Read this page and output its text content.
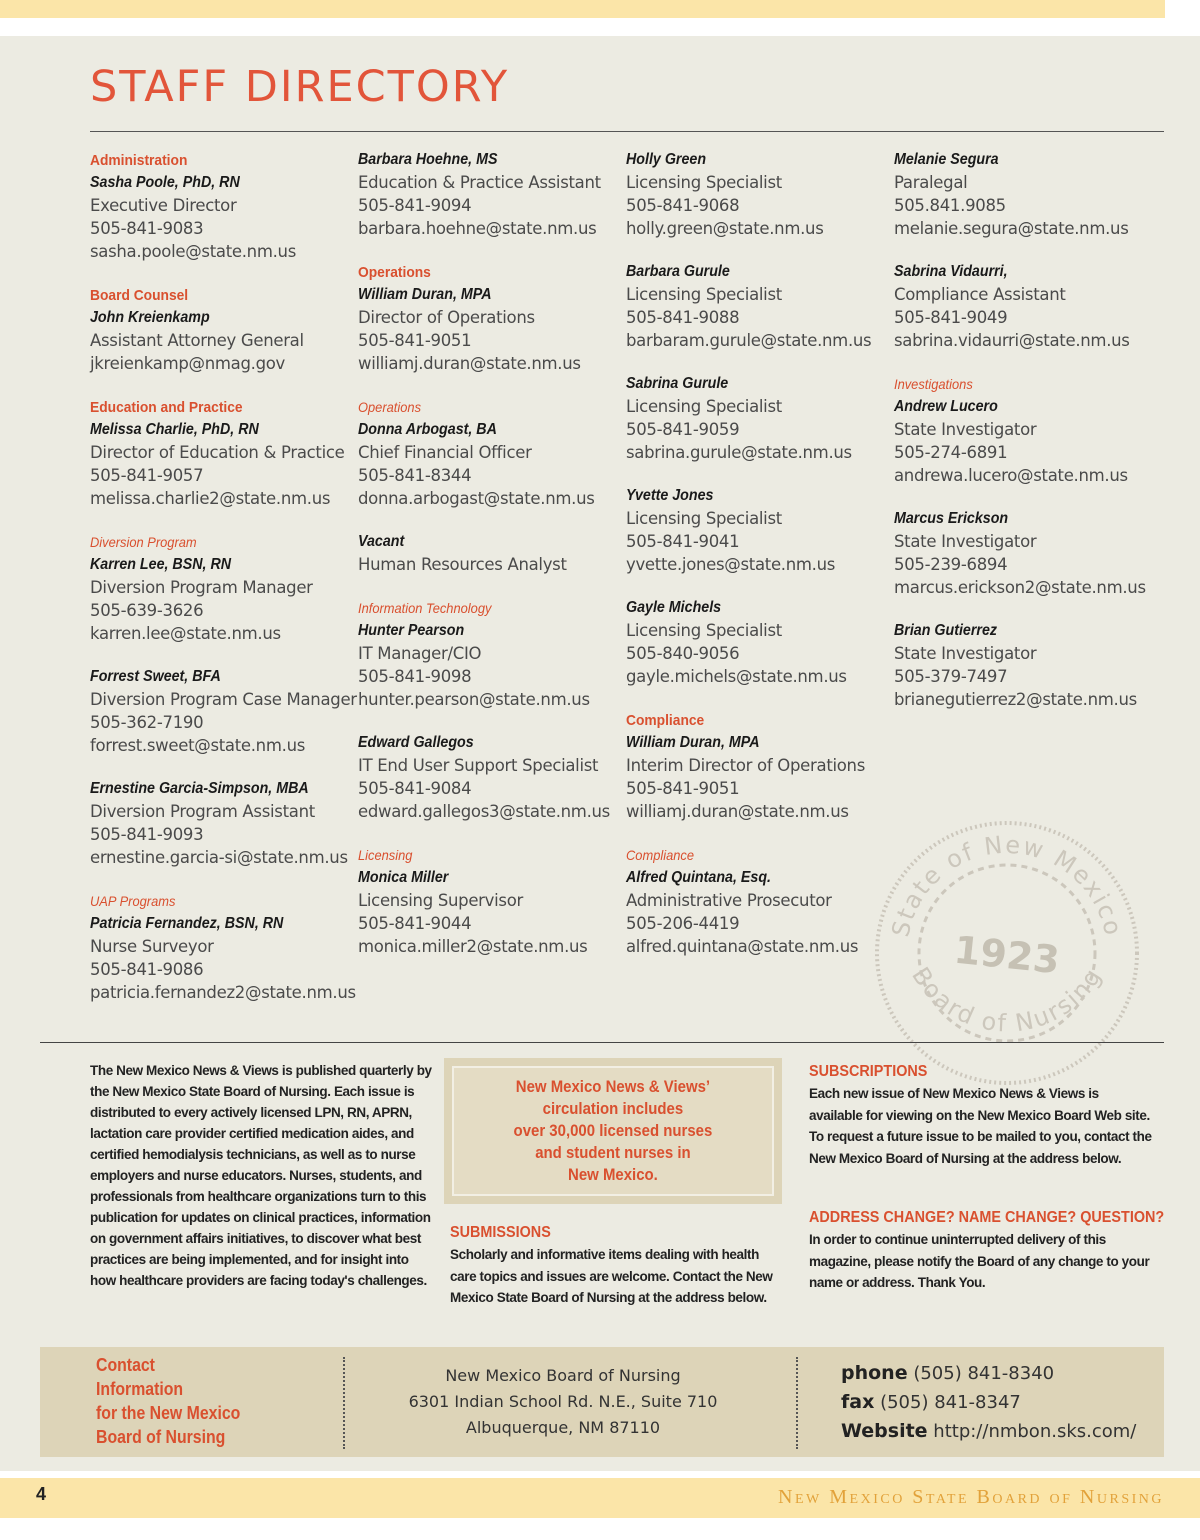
STAFF DIRECTORY
Administration
Sasha Poole, PhD, RN
Executive Director
505-841-9083
sasha.poole@state.nm.us
Board Counsel
John Kreienkamp
Assistant Attorney General
jkreienkamp@nmag.gov
Education and Practice
Melissa Charlie, PhD, RN
Director of Education & Practice
505-841-9057
melissa.charlie2@state.nm.us
Diversion Program
Karren Lee, BSN, RN
Diversion Program Manager
505-639-3626
karren.lee@state.nm.us
Forrest Sweet, BFA
Diversion Program Case Manager
505-362-7190
forrest.sweet@state.nm.us
Ernestine Garcia-Simpson, MBA
Diversion Program Assistant
505-841-9093
ernestine.garcia-si@state.nm.us
UAP Programs
Patricia Fernandez, BSN, RN
Nurse Surveyor
505-841-9086
patricia.fernandez2@state.nm.us
Barbara Hoehne, MS
Education & Practice Assistant
505-841-9094
barbara.hoehne@state.nm.us
Operations
William Duran, MPA
Director of Operations
505-841-9051
williamj.duran@state.nm.us
Operations
Donna Arbogast, BA
Chief Financial Officer
505-841-8344
donna.arbogast@state.nm.us
Vacant
Human Resources Analyst
Information Technology
Hunter Pearson
IT Manager/CIO
505-841-9098
hunter.pearson@state.nm.us
Edward Gallegos
IT End User Support Specialist
505-841-9084
edward.gallegos3@state.nm.us
Licensing
Monica Miller
Licensing Supervisor
505-841-9044
monica.miller2@state.nm.us
Holly Green
Licensing Specialist
505-841-9068
holly.green@state.nm.us
Barbara Gurule
Licensing Specialist
505-841-9088
barbaram.gurule@state.nm.us
Sabrina Gurule
Licensing Specialist
505-841-9059
sabrina.gurule@state.nm.us
Yvette Jones
Licensing Specialist
505-841-9041
yvette.jones@state.nm.us
Gayle Michels
Licensing Specialist
505-840-9056
gayle.michels@state.nm.us
Compliance
William Duran, MPA
Interim Director of Operations
505-841-9051
williamj.duran@state.nm.us
Compliance
Alfred Quintana, Esq.
Administrative Prosecutor
505-206-4419
alfred.quintana@state.nm.us
Melanie Segura
Paralegal
505.841.9085
melanie.segura@state.nm.us
Sabrina Vidaurri,
Compliance Assistant
505-841-9049
sabrina.vidaurri@state.nm.us
Investigations
Andrew Lucero
State Investigator
505-274-6891
andrewa.lucero@state.nm.us
Marcus Erickson
State Investigator
505-239-6894
marcus.erickson2@state.nm.us
Brian Gutierrez
State Investigator
505-379-7497
brianegutierrez2@state.nm.us
State of New Mexico
Board of Nursing
1923

The New Mexico News & Views is published quarterly by the New Mexico State Board of Nursing. Each issue is distributed to every actively licensed LPN, RN, APRN, lactation care provider certified medication aides, and certified hemodialysis technicians, as well as to nurse employers and nurse educators. Nurses, students, and professionals from healthcare organizations turn to this publication for updates on clinical practices, information on government affairs initiatives, to discover what best practices are being implemented, and for insight into how healthcare providers are facing today's challenges.

New Mexico News & Views’
circulation includes
over 30,000 licensed nurses
and student nurses in
New Mexico.
SUBMISSIONS

Scholarly and informative items dealing with health care topics and issues are welcome. Contact the New Mexico State Board of Nursing at the address below.

SUBSCRIPTIONS

Each new issue of New Mexico News & Views is available for viewing on the New Mexico Board Web site. To request a future issue to be mailed to you, contact the New Mexico Board of Nursing at the address below.

ADDRESS CHANGE? NAME CHANGE? QUESTION?

In order to continue uninterrupted delivery of this magazine, please notify the Board of any change to your name or address. Thank You.

Contact
Information
for the New Mexico
Board of Nursing
New Mexico Board of Nursing
6301 Indian School Rd. N.E., Suite 710
Albuquerque, NM 87110
phone (505) 841-8340
fax (505) 841-8347
Website http://nmbon.sks.com/
4	New Mexico State Board of Nursing
